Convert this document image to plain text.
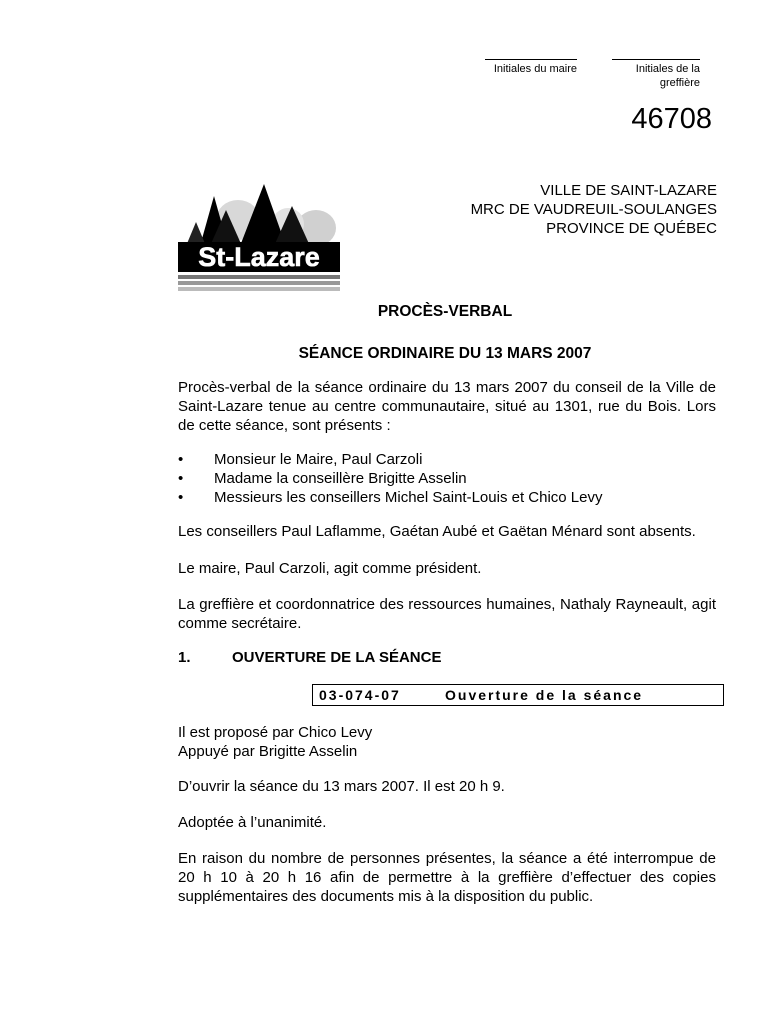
Initiales du maire	Initiales de la
greffière
46708
VILLE DE SAINT-LAZARE
MRC DE VAUDREUIL-SOULANGES
PROVINCE DE QUÉBEC
St-Lazare
PROCÈS-VERBAL
SÉANCE ORDINAIRE DU 13 MARS 2007
Procès-verbal de la séance ordinaire du 13 mars 2007 du conseil de la Ville de Saint-Lazare tenue au centre communautaire, situé au 1301, rue du Bois. Lors de cette séance, sont présents :
• Monsieur le Maire, Paul Carzoli
• Madame la conseillère Brigitte Asselin
• Messieurs les conseillers Michel Saint-Louis et Chico Levy
Les conseillers Paul Laflamme, Gaétan Aubé et Gaëtan Ménard sont absents.
Le maire, Paul Carzoli, agit comme président.
La greffière et coordonnatrice des ressources humaines, Nathaly Rayneault, agit comme secrétaire.
1.	OUVERTURE DE LA SÉANCE
03-074-07	Ouverture de la séance
Il est proposé par Chico Levy
Appuyé par Brigitte Asselin
D’ouvrir la séance du 13 mars 2007. Il est 20 h 9.
Adoptée à l’unanimité.
En raison du nombre de personnes présentes, la séance a été interrompue de 20 h 10 à 20 h 16 afin de permettre à la greffière d’effectuer des copies supplémentaires des documents mis à la disposition du public.
